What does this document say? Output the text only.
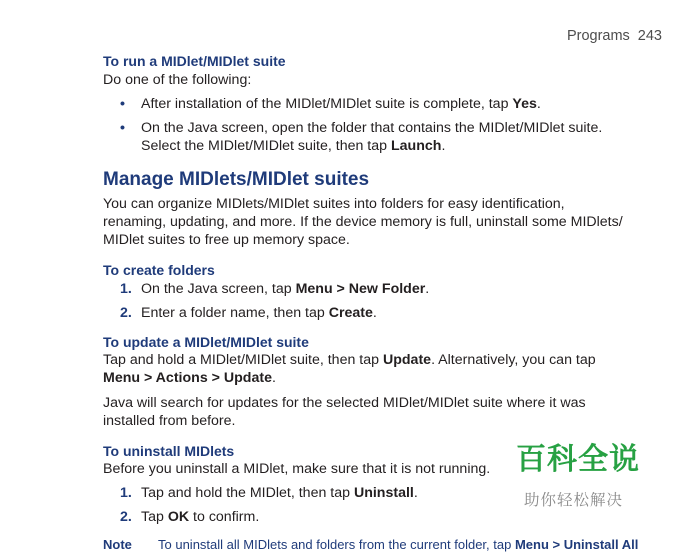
Programs 243
To run a MIDlet/MIDlet suite
Do one of the following:
• After installation of the MIDlet/MIDlet suite is complete, tap Yes.
• On the Java screen, open the folder that contains the MIDlet/MIDlet suite.
Select the MIDlet/MIDlet suite, then tap Launch.
Manage MIDlets/MIDlet suites
You can organize MIDlets/MIDlet suites into folders for easy identification,
renaming, updating, and more. If the device memory is full, uninstall some MIDlets/
MIDlet suites to free up memory space.
To create folders
1. On the Java screen, tap Menu > New Folder.
2. Enter a folder name, then tap Create.
To update a MIDlet/MIDlet suite
Tap and hold a MIDlet/MIDlet suite, then tap Update. Alternatively, you can tap
Menu > Actions > Update.
Java will search for updates for the selected MIDlet/MIDlet suite where it was
installed from before.
To uninstall MIDlets
Before you uninstall a MIDlet, make sure that it is not running.
1. Tap and hold the MIDlet, then tap Uninstall.
2. Tap OK to confirm.
Note To uninstall all MIDlets and folders from the current folder, tap Menu > Uninstall All
百科全说
助你轻松解决
